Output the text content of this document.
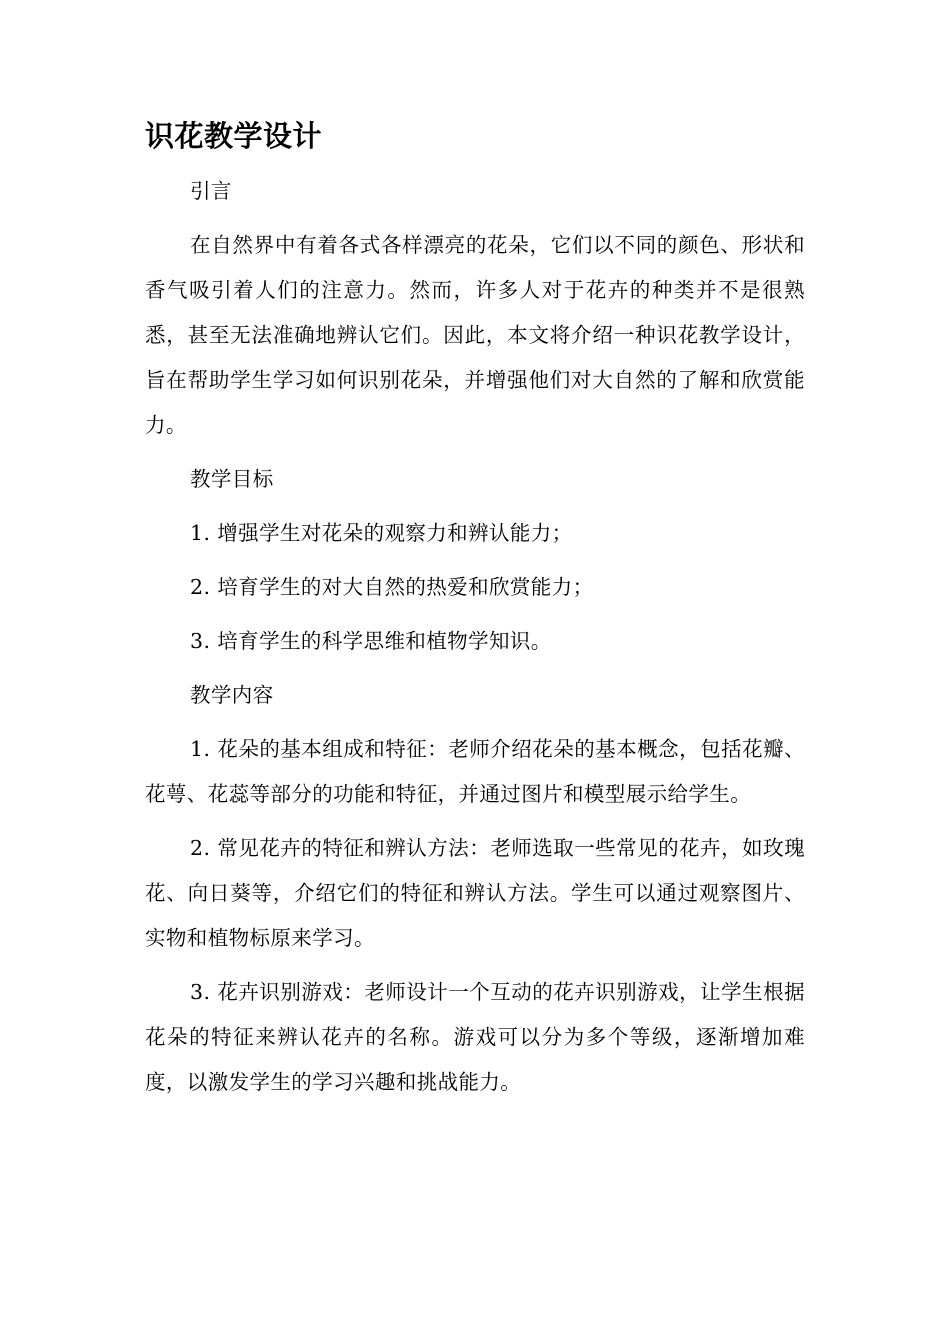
识花教学设计
引言
在自然界中有着各式各样漂亮的花朵，它们以不同的颜色、形状和香气吸引着人们的注意力。然而，许多人对于花卉的种类并不是很熟悉，甚至无法准确地辨认它们。因此，本文将介绍一种识花教学设计，旨在帮助学生学习如何识别花朵，并增强他们对大自然的了解和欣赏能力。
教学目标
1. 增强学生对花朵的观察力和辨认能力；
2. 培育学生的对大自然的热爱和欣赏能力；
3. 培育学生的科学思维和植物学知识。
教学内容
1. 花朵的基本组成和特征：老师介绍花朵的基本概念，包括花瓣、花萼、花蕊等部分的功能和特征，并通过图片和模型展示给学生。
2. 常见花卉的特征和辨认方法：老师选取一些常见的花卉，如玫瑰花、向日葵等，介绍它们的特征和辨认方法。学生可以通过观察图片、实物和植物标原来学习。
3. 花卉识别游戏：老师设计一个互动的花卉识别游戏，让学生根据花朵的特征来辨认花卉的名称。游戏可以分为多个等级，逐渐增加难度，以激发学生的学习兴趣和挑战能力。
